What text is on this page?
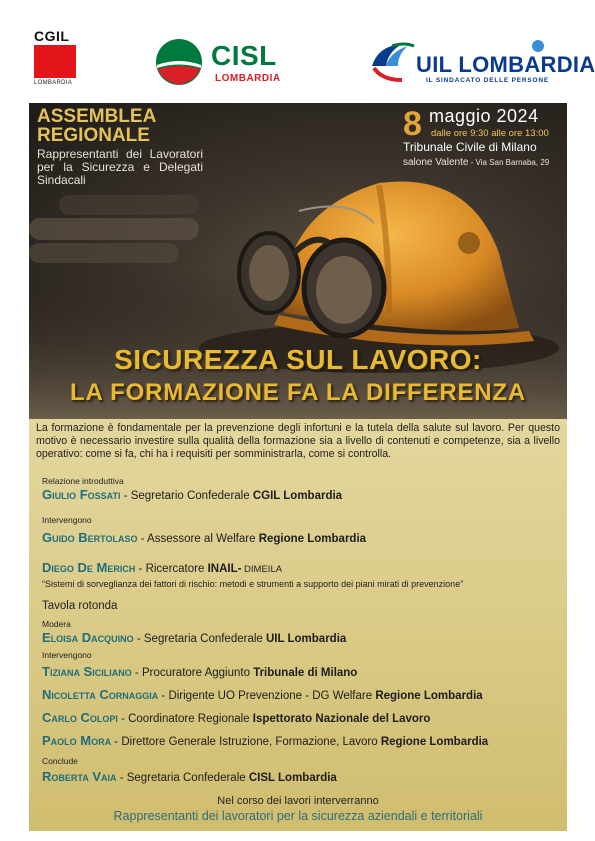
CGIL
LOMBARDIA
CISL
LOMBARDIA
UIL LOMBARDIA
IL SINDACATO DELLE PERSONE
ASSEMBLEA
REGIONALE
Rappresentanti dei Lavoratori per la Sicurezza e Delegati Sindacali
8 maggio 2024
dalle ore 9:30 alle ore 13:00
Tribunale Civile di Milano
salone Valente - Via San Barnaba, 29
SICUREZZA SUL LAVORO:
LA FORMAZIONE FA LA DIFFERENZA
La formazione è fondamentale per la prevenzione degli infortuni e la tutela della salute sul lavoro. Per questo motivo è necessario investire sulla qualità della formazione sia a livello di contenuti e competenze, sia a livello operativo: come si fa, chi ha i requisiti per somministrarla, come si controlla.
Relazione introduttiva
Giulio Fossati - Segretario Confederale CGIL Lombardia
Intervengono
Guido Bertolaso - Assessore al Welfare Regione Lombardia
Diego De Merich - Ricercatore INAIL- DIMEILA
“Sistemi di sorveglianza dei fattori di rischio: metodi e strumenti a supporto dei piani mirati di prevenzione”
Tavola rotonda
Modera
Eloisa Dacquino - Segretaria Confederale UIL Lombardia
Intervengono
Tiziana Siciliano - Procuratore Aggiunto Tribunale di Milano
Nicoletta Cornaggia - Dirigente UO Prevenzione - DG Welfare Regione Lombardia
Carlo Colopi - Coordinatore Regionale Ispettorato Nazionale del Lavoro
Paolo Mora - Direttore Generale Istruzione, Formazione, Lavoro Regione Lombardia
Conclude
Roberta Vaia - Segretaria Confederale CISL Lombardia
Nel corso dei lavori interverranno
Rappresentanti dei lavoratori per la sicurezza aziendali e territoriali
